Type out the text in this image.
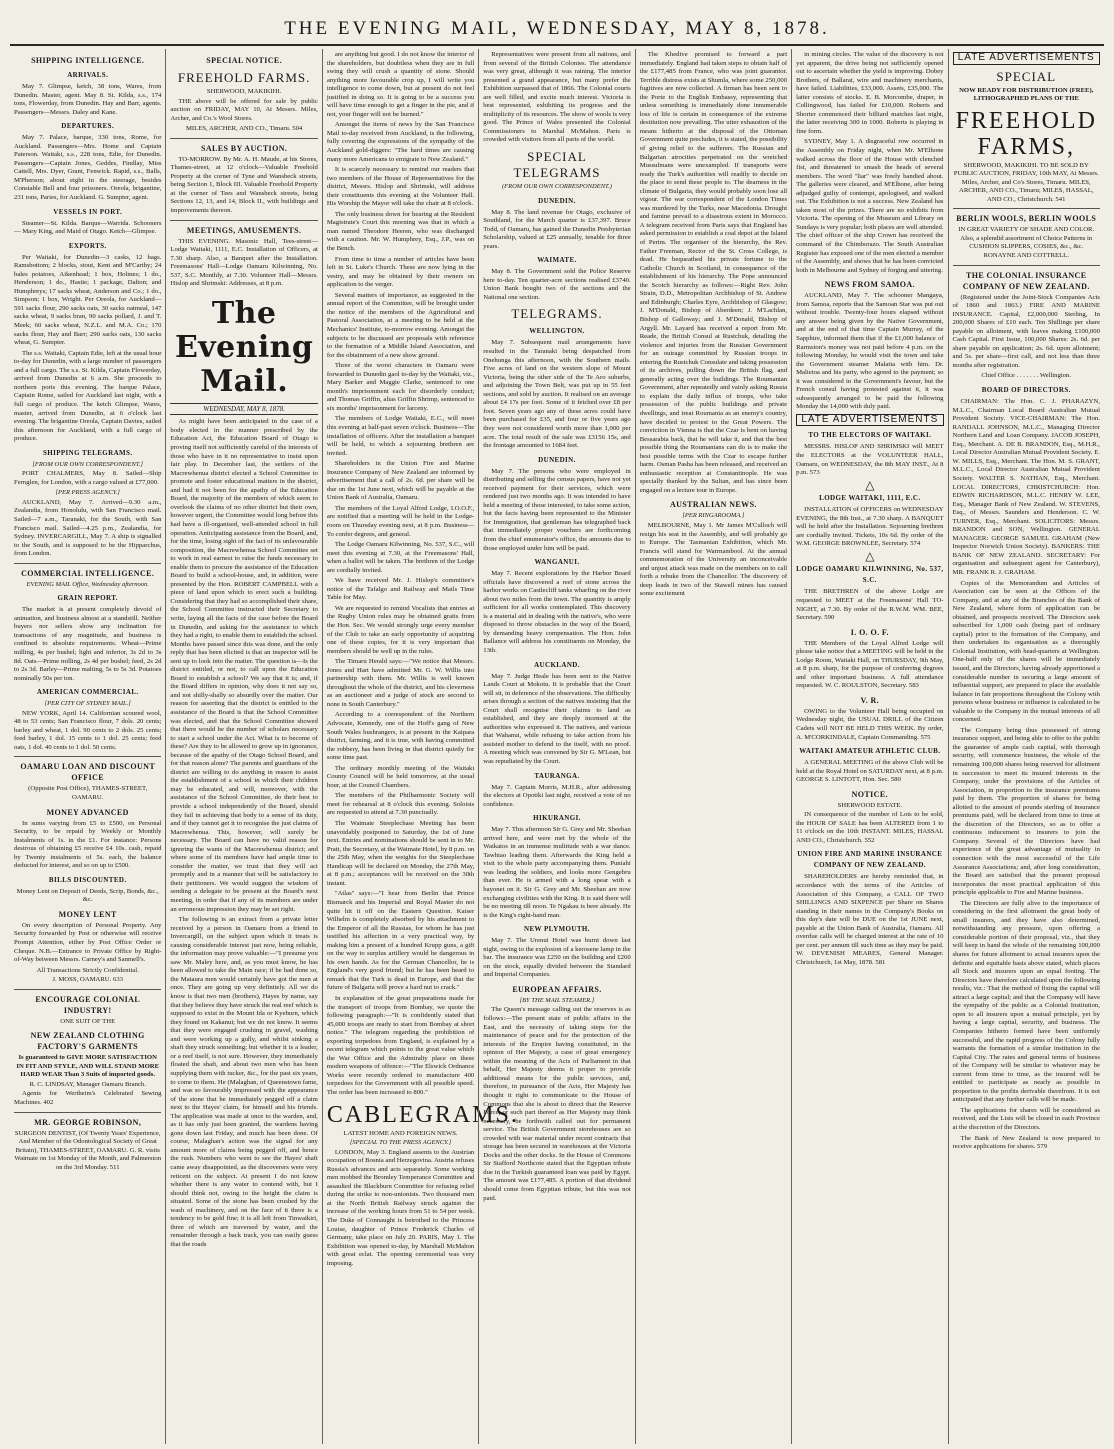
THE EVENING MAIL, WEDNESDAY, MAY 8, 1878.
SHIPPING INTELLIGENCE.
ARRIVALS.

May 7. Glimpse, ketch, 38 tons, Wares, from Dunedin. Master, agent. May 8. St. Kilda, s.s., 174 tons, Flowerday, from Dunedin. Hay and Barr, agents. Passengers—Messrs. Daley and Kane.

DEPARTURES.

May 7. Palace, barque, 330 tons, Rome, for Auckland. Passengers—Mrs. Home and Captain Paterson. Waitaki, s.s., 228 tons, Edie, for Dunedin. Passengers—Captain Jones, Geddes, Findlay, Miss Cattell, Mrs. Dyer, Grant, Fenwick. Rapid, s.s., Balls, M'Pherson; about eight in the steerage, besides Constable Bell and four prisoners. Oreola, brigantine, 231 tons, Paries, for Auckland. G. Sumpter, agent.

VESSELS IN PORT.

Steamer—St. Kilda. Barque—Warrida. Schooners — Mary King, and Maid of Otago. Ketch—Glimpse.

EXPORTS.

Per Waitaki, for Dunedin—3 casks, 12 bags. Ramsbottom; 2 blocks, stout, Kent and M'Carthy; 24 bales potatoes, Aikenhead; 1 box, Holmes; 1 do., Henderson; 1 do., Hastie; 1 package, Dalton; and Humphreys; 17 sacks wheat, Anderson and Co.; 1 do., Simpson; 1 box, Wright. Per Oreola, for Auckland—591 sacks flour, 290 sacks oats, 30 sacks oatmeal, 147 sacks wheat, 9 sacks bran, 90 sacks pollard, J. and T. Meek; 60 sacks wheat, N.Z.L. and M.A. Co.; 170 sacks flour, Hay and Barr; 290 sacks oats, 130 sacks wheat, G. Sumpter.

The s.s. Waitaki, Captain Edie, left at the usual hour to-day for Dunedin, with a large number of passengers and a full cargo. The s.s. St. Kilda, Captain Flowerday, arrived from Dunedin at 6 a.m. She proceeds to northern ports this evening. The barque Palace, Captain Rome, sailed for Auckland last night, with a full cargo of produce. The ketch Glimpse, Wares, master, arrived from Dunedin, at 6 o'clock last evening. The brigantine Oreola, Captain Davies, sailed this afternoon for Auckland, with a full cargo of produce.

SHIPPING TELEGRAMS.
[FROM OUR OWN CORRESPONDENT.]

PORT CHALMERS, May 8. Sailed—Ship Fernglen, for London, with a cargo valued at £77,000.

[PER PRESS AGENCY.]

AUCKLAND, May 7. Arrived—9.30 a.m., Zealandia, from Honolulu, with San Francisco mail. Sailed—7 a.m., Taranaki, for the South, with San Francisco mail. Sailed—4.25 p.m., Zealandia, for Sydney. INVERCARGILL, May 7. A ship is signalled to the South, and is supposed to be the Hipparchus, from London.

COMMERCIAL INTELLIGENCE.
EVENING MAIL Office, Wednesday afternoon.
GRAIN REPORT.

The market is at present completely devoid of animation, and business almost at a standstill. Neither buyers nor sellers show any inclination for transactions of any magnitude, and business is confined to absolute requirements. Wheat—Prime milling, 4s per bushel; light and inferior, 3s 2d to 3s 8d. Oats—Prime milling, 2s 4d per bushel; feed, 2s 2d to 2s 3d. Barley—Prime malting, 5s to 5s 3d. Potatoes nominally 50s per ton.

AMERICAN COMMERCIAL.
[PER CITY OF SYDNEY MAIL.]

NEW YORK, April 14. Californian scoured wool, 48 to 53 cents; San Francisco flour, 7 dols. 20 cents; barley and wheat, 1 dol. 90 cents to 2 dols. 25 cents; feed barley, 1 dol. 15 cents to 1 dol. 25 cents; feed oats, 1 dol. 40 cents to 1 dol. 50 cents.

OAMARU LOAN AND DISCOUNT OFFICE
(Opposite Post Office), THAMES-STREET, OAMARU.
MONEY ADVANCED

In sums varying from £5 to £500, on Personal Security, to be repaid by Weekly or Monthly Instalments of 1s. in the £1. For instance: Persons desirous of obtaining £5 receive £4 10s. cash, repaid by Twenty instalments of 5s. each, the balance deducted for interest, and so on up to £500.

BILLS DISCOUNTED.
Money Lent on Deposit of Deeds, Scrip, Bonds, &c., &c.
MONEY LENT

On every description of Personal Property. Any Security forwarded by Post or otherwise will receive Prompt Attention, either by Post Office Order or Cheque. N.B.—Entrance to Private Office by Right-of-Way between Messrs. Carney's and Sanmell's.

All Transactions Strictly Confidential.
J. MOSS, OAMARU. 633
ENCOURAGE COLONIAL INDUSTRY!
ONE SUIT OF THE
NEW ZEALAND CLOTHING FACTORY'S GARMENTS
Is guaranteed to GIVE MORE SATISFACTION IN FIT AND STYLE, AND WILL STAND MORE HARD WEAR Than 3 Suits of imported goods.
R. C. LINDSAY, Manager Oamaru Branch.

Agents for Wertheim's Celebrated Sewing Machines. 402

MR. GEORGE ROBINSON,
SURGEON DENTIST, (Of Twenty Years' Experience, And Member of the Odontological Society of Great Britain), THAMES-STREET, OAMARU. G. R. visits Waimate on 1st Monday of the Month, and Palmerston on the 3rd Monday. 511
SPECIAL NOTICE.
FREEHOLD FARMS.
SHERWOOD, MAKIKIHI.

THE above will be offered for sale by public auction on FRIDAY, MAY 10, At Messrs. Miles, Archer, and Co.'s Wool Stores.

MILES, ARCHER, AND CO., Timaru. 504
SALES BY AUCTION.

TO-MORROW. By Mr. A. H. Maude, at his Stores, Thames-street, at 12 o'clock—Valuable Freehold Property at the corner of Tyne and Wansbeck streets, being Section 1, Block III. Valuable Freehold Property at the corner of Tees and Wansbeck streets, being Sections 12, 13, and 14, Block II., with buildings and improvements thereon.

MEETINGS, AMUSEMENTS.

THIS EVENING. Masonic Hall, Tees-street—Lodge Waitaki, 1111, E.C. Installation of Officers, at 7.30 sharp. Also, a Banquet after the Installation. Freemasons' Hall—Lodge Oamaru Kilwinning, No. 537, S.C. Monthly, at 7.30. Volunteer Hall—Messrs. Hislop and Shrimski: Addresses, at 8 p.m.

The Evening Mail.
WEDNESDAY, MAY 8, 1878.

As might have been anticipated in the case of a body elected in the manner prescribed by the Education Act, the Education Board of Otago is proving itself not sufficiently careful of the interests of those who have in it no representative to insist upon fair play. In December last, the settlers of the Macrewhenua district elected a School Committee to promote and foster educational matters in the district, and had it not been for the apathy of the Education Board, the majority of the members of which seem to overlook the claims of no other district but their own, however urgent, the Committee would long before this had have a ill-organised, well-attended school in full operation. Anticipating assistance from the Board, and, for the time, losing sight of the fact of its unfavourable composition, the Macrewhenua School Committee set to work in real earnest to raise the funds necessary to enable them to procure the assistance of the Education Board to build a school-house, and, in addition, were presented by the Hon. ROBERT CAMPBELL with a piece of land upon which to erect such a building. Considering that they had so accomplished their share, the School Committee instructed their Secretary to write, laying all the facts of the case before the Board in Dunedin, and asking for the assistance to which they had a right, to enable them to establish the school. Months have passed since this was done, and the only reply that has been elicited is that an inspector will be sent up to look into the matter. The question is—Is the district entitled, or not, to call upon the Education Board to establish a school? We say that it is; and, if the Board differs in opinion, why does it not say so, and not shilly-shally so absurdly over the matter. Our reason for asserting that the district is entitled to the assistance of the Board is that the School Committee was elected, and that the School Committee showed that there would be the number of scholars necessary to start a school under the Act. What is to become of these? Are they to be allowed to grow up in ignorance, because of the apathy of the Otago School Board, and for that reason alone? The parents and guardians of the district are willing to do anything in reason to assist the establishment of a school in which their children may be educated, and will, moreover, with the assistance of the School Committee, do their best to provide a school independently of the Board, should they fail in achieving that body to a sense of its duty, and if they cannot get it to recognise the just claims of Macrewhenua. This, however, will surely be necessary. The Board can have no valid reason for ignoring the wants of the Macrewhenua district; and where some of its members have had ample time to consider the matter, we trust that they will act promptly and in a manner that will be satisfactory to their petitioners. We would suggest the wisdom of sending a delegate to be present at the Board's next meeting, in order that if any of its members are under an erroneous impression they may be set right.

The following is an extract from a private letter received by a person in Oamaru from a friend in Invercargill, on the subject upon which it treats is causing considerable interest just now, being reliable, the information may prove valuable:—"I presume you saw Mr. Maley here, and, as you must know, he has been allowed to take the Main race; if he had done so, the Mataura men would certainly have got the men at once. They are going up very definitely. All we do know is that two men (brothers), Hayes by name, say that they believe they have struck the real reef which is supposed to exist in the Mount Ida or Kyeburn, which they found on Kakanui; but we do not know. It seems that they were engaged crushing in gravel, washing and were working up a gully, and whilst sinking a shaft they struck something; but whether it is a leader, or a reef itself, is not sure. However, they immediately floated the shaft, and about two men who has been supplying them with tucker, &c., for the past six years, to come to them. He (Malaghan, of Queenstown fame, and was so favourably impressed with the appearance of the stone that he immediately pegged off a claim next to the Hayes' claim, for himself and his friends. The application was made at once to the warden, and, as it has only just been granted, the wardens having gone down last Friday, and much has been done. Of course, Malaghan's action was the signal for any amount more of claims being pegged off, and hence the rush. Numbers who went to see the Hayes' shaft came away disappointed, as the discoverers were very reticent on the subject. At present I do not know whether there is any water to contend with, but I should think not, owing to the height the claim is situated. Some of the stone has been crushed by the wash of machinery, and on the face of it there is a tendency to be gold fine; it is all left from Tinwaikiri, three of which are traversed by water, and the remainder through a back track, you can easily guess that the roads

are anything but good. I do not know the interior of the shareholders, but doubtless when they are in full swing they will crush a quantity of stone. Should anything more favourable crop up, I will write you intelligence to come down, but at present do not feel justified in doing so. It is going to be a success you will have time enough to get a finger in the pie, and if not, your finger will not be burned."

Amongst the items of news by the San Francisco Mail to-day received from Auckland, is the following, fully covering the expressions of the sympathy of the Auckland gold-diggers: "The hard times are causing many more Americans to emigrate to New Zealand."

It is scarcely necessary to remind our readers that two members of the House of Representatives for the district, Messrs. Hislop and Shrimski, will address their constituents this evening at the Volunteer Hall. His Worship the Mayor will take the chair at 8 o'clock.

The only business down for hearing at the Resident Magistrate's Court this morning was that in which a man named Theodore Heeren, who was discharged with a caution. Mr. W. Humphrey, Esq., J.P., was on the Bench.

From time to time a number of articles have been left in St. Luke's Church. These are now lying in the vestry, and may be obtained by their owners on application to the verger.

Several matters of importance, as suggested in the annual report of the Committee, will be brought under the notice of the members of the Agricultural and Pastoral Association, at a meeting to be held at the Mechanics' Institute, to-morrow evening. Amongst the subjects to be discussed are proposals with reference to the formation of a Middle Island Association, and for the obtainment of a new show ground.

Three of the worst characters in Oamaru were forwarded to Dunedin gaol to-day by the Waitaki, viz., Mary Barker and Maggie Clarke, sentenced to one month's imprisonment each for disorderly conduct; and Thomas Griffin, alias Griffin Shrimp, sentenced to six months' imprisonment for larceny.

The members of Lodge Waitaki, E.C., will meet this evening at half-past seven o'clock. Business—The installation of officers. After the installation a banquet will be held, to which a sojourning brethren are invited.

Shareholders in the Union Fire and Marine Insurance Company of New Zealand are informed by advertisement that a call of 2s. 6d. per share will be due on the 1st June next, which will be payable at the Union Bank of Australia, Oamaru.

The members of the Loyal Alfred Lodge, I.O.O.F., are notified that a meeting will be held in the Lodge-room on Thursday evening next, at 8 p.m. Business—To confer degrees, and general.

The Lodge Oamaru Kilwinning, No. 537, S.C., will meet this evening at 7.30, at the Freemasons' Hall, when a ballot will be taken. The brethren of the Lodge are cordially invited.

We have received Mr. J. Hislop's committee's notice of the Tafalgo and Railway and Mails Time Table for May.

We are requested to remind Vocalists that entries at the Rugby Union rules may be obtained gratis from the Hon. Sec. We would strongly urge every member of the Club to take an early opportunity of acquiring one of these copies, for it is very important that members should be well up in the rules.

The Timaru Herald says:—"We notice that Messrs. Jones and Hart have admitted Mr. G. W. Willis into partnership with them. Mr. Willis is well known throughout the whole of the district, and his cleverness as an auctioneer and a judge of stock are second to none in South Canterbury."

According to a correspondent of the Northern Advocate, Kennedy, one of the Hoff's gang of New South Wales bushrangers, is at present in the Kaipara district, farming, and it is true, with having committed the robbery, has been living in that district quietly for some time past.

The ordinary monthly meeting of the Waitaki County Council will be held tomorrow, at the usual hour, at the Council Chambers.

The members of the Philharmonic Society will meet for rehearsal at 8 o'clock this evening. Soloists are requested to attend at 7.30 punctually.

The Waimate Steeplechase Meeting has been unavoidably postponed to Saturday, the 1st of June next. Entries and nominations should be sent in to Mr. Pratt, the Secretary, at the Waimate Hotel, by 8 p.m. on the 25th May, when the weights for the Steeplechase Handicap will be declared on Monday, the 27th May, at 8 p.m.; acceptances will be received on the 30th instant.

"Atlas" says:—"I hear from Berlin that Prince Bismarck and his Imperial and Royal Master do not quite hit it off on the Eastern Question. Kaiser Wilhelm is completely absorbed by his attachment to the Emperor of all the Russias, for whom he has just testified his affection in a very practical way, by making him a present of a hundred Krupp guns, a gift on the way to surplus artillery would be dangerous in his own hands. As for the German Chancellor, he is England's very good friend; but he has been heard to remark that the Turk is dead in Europe, and that the future of Bulgaria will prove a hard nut to crack."

In explanation of the great preparations made for the transport of troops from Bombay, we quote the following paragraph:—"It is confidently stated that 45,000 troops are ready to start from Bombay at short notice." The telegram regarding the prohibition of exporting torpedoes from England, is explained by a recent telegram which points to the great value which the War Office and the Admiralty place on these modern weapons of offence:—"The Elswick Ordnance Works were recently ordered to manufacture 400 torpedoes for the Government with all possible speed. The order has been increased to 800."

CABLEGRAMS.
LATEST HOME AND FOREIGN NEWS.
[SPECIAL TO THE PRESS AGENCY.]

LONDON, May 3. England assents to the Austrian occupation of Bosnia and Herzegovina. Austria refuses Russia's advances and acts separately. Some working men mobbed the Bromley Temperance Committee and assaulted the Blackburn Committee for refusing relief during the strike to non-unionists. Two thousand men at the North British Railway struck against the increase of the working hours from 51 to 54 per week. The Duke of Connaught is betrothed to the Princess Louise, daughter of Prince Frederick Charles of Germany, take place on July 20. PARIS, May 1. The Exhibition was opened to-day, by Marshall McMahon with great eclat. The opening ceremonial was very imposing.

Representatives were present from all nations, and from several of the British Colonies. The attendance was very great, although it was raining. The interior presented a grand appearance, but many prefer the Exhibition surpassed that of 1866. The Colonial courts are well filled, and excite much interest. Victoria is best represented, exhibiting its progress and the multiplicity of its resources. The show of wools is very good. The Prince of Wales presented the Colonial Commissioners to Marshal McMahon. Paris is crowded with visitors from all parts of the world.

SPECIAL TELEGRAMS
(FROM OUR OWN CORRESPONDENT.)
DUNEDIN.

May 8. The land revenue for Otago, exclusive of Southland, for the March quarter is £37,397. Bruce Todd, of Oamaru, has gained the Dunedin Presbyterian Scholarship, valued at £25 annually, tenable for three years.

WAIMATE.

May 8. The Government sold the Police Reserve here to-day. Ten quarter-acre sections realised £3740. Union Bank bought two of the sections and the National one section.

TELEGRAMS.
WELLINGTON.

May 7. Subsequent mail arrangements have resulted in the Taranaki being despatched from Onehunga this afternoon, with the Southern mails. Five acres of land on the western slope of Mount Victoria, being the other side of the Te Aro suburbs, and adjoining the Town Belt, was put up in 55 feet sections, and sold by auction. It realised on an average about £4 17s per foot. Some of it fetched over £8 per foot. Seven years ago any of these acres could have been purchased for £35, and four or five years ago they were not considered worth more than 1,000 per acre. The total result of the sale was £3156 15s, and the frontage amounted to 1684 feet.

DUNEDIN.

May 7. The persons who were employed in distributing and selling the census papers, have not yet received payment for their services, which were rendered just two months ago. It was intended to have held a meeting of those interested, to take some action, but the facts having been represented to the Minister for Immigration, that gentleman has telegraphed back that immediately proper vouchers are forthcoming from the chief enumerator's office, the amounts due to those employed under him will be paid.

WANGANUI.

May 7. Recent explorations by the Harbor Board officials have discovered a reef of stone across the harbor works on Castlecliff tanks wharfing on the river about two miles from the town. The quantity is amply sufficient for all works contemplated. This discovery is a material aid in dealing with the native's, who were disposed to throw obstacles in the way of the Board, by demanding heavy compensation. The Hon. John Ballance will address his constituents on Monday, the 13th.

AUCKLAND.

May 7. Judge Heale has been sent to the Native Lands Court at Mokotu. It is probable that the Court will sit, in deference of the observations. The difficulty arises through a section of the natives insisting that the Court shall recognise their claims to land as established, and they are deeply incensed at the authorities who expressed it. The natives, and various that Wahanui, while refusing to take action from his assisted mother to defend to the itself, with no proof. A meeting which was convened by Sir G. M'Lean, but was repudiated by the Court.

TAURANGA.

May 7. Captain Morris, M.H.R., after addressing the electors at Opotiki last night, received a vote of no confidence.

HIKURANGI.

May 7. This afternoon Sir G. Grey and Mr. Sheehan arrived here, and were met by the whole of the Waikatos in an immense multitude with a war dance. Tawhiao leading them. Afterwards the King held a visit to the whole party accompanying them. Puniahi was leading the soldiers, and looks more Gengebru than ever. He is armed with a long spear with a bayonet on it. Sir G. Grey and Mr. Sheehan are now exchanging civilities with the King. It is said there will be no meeting till noon. Te Ngakau is here already. He is the King's right-hand man.

NEW PLYMOUTH.

May 7. The Urenui Hotel was burnt down last night, owing to the explosion of a kerosene lamp in the bar. The insurance was £250 on the building and £260 on the stock, equally divided between the Standard and Imperial Companies.

EUROPEAN AFFAIRS.
[BY THE MAIL STEAMER.]

The Queen's message calling out the reserves is as follows:—The present state of public affairs in the East, and the necessity of taking steps for the maintenance of peace and for the protection of the interests of the Empire having constituted, in the opinion of Her Majesty, a case of great emergency within the meaning of the Acts of Parliament in that behalf, Her Majesty deems it proper to provide additional means for the public services, and, therefore, in pursuance of the Acts, Her Majesty has thought it right to communicate to the House of Commons that she is about to direct that the Reserve Force, or such part thereof as Her Majesty may think necessary, be forthwith called out for permanent service. The British Government storehouses are so crowded with war material under recent contracts that storage has been secured in warehouses at the Victoria Docks and the other docks. In the House of Commons Sir Stafford Northcote stated that the Egyptian tribute due in the Turkish guaranteed loan was paid by Egypt. The amount was £177,485. A portion of that dividend should come from Egyptian tribute, but this was not paid.

The Khedive promised to forward a part immediately. England had taken steps to obtain half of the £177,485 from France, who was joint guarantor. Terrible distress exists at Shumla, where some 250,000 fugitives are now collected. A firman has been sent to the Porte to the English Embassy, representing that unless something is immediately done innumerable loss of life is certain in consequence of the extreme destitution now prevailing. The utter exhaustion of the means hitherto at the disposal of the Ottoman Government quite precludes, it is stated, the possibility of giving relief to the sufferers. The Russian and Bulgarian atrocities perpetrated on the wretched Mussulmans were unexampled. If transports were ready the Turk's authorities will readily to decide on the place to send these people to. The dearness in the climate of Bulgaria, they would probably soon lose all vigour. The war correspondent of the London Times was murdered by the Turks, near Macedonia. Drought and famine prevail to a disastrous extent in Morocco. A telegram received from Paris says that England has asked permission to establish a coal depot at the Island of Perim. The organiser of the hierarchy, the Rev. Father Freeman, Rector of the St. Cross College, is dead. He bequeathed his private fortune to the Catholic Church in Scotland, in consequence of the establishment of his hierarchy. The Pope announced the Scotch hierarchy as follows:—Right Rev. John Strain, D.D., Metropolitan Archbishop of St. Andrew and Edinburgh; Charles Eyre, Archbishop of Glasgow; J. M'Donald, Bishop of Aberdeen; J. M'Lachlan, Bishop of Galloway; and J. M'Donald, Bishop of Argyll. Mr. Layard has received a report from Mr. Reade, the British Consul at Rustchuk, detailing the violence and injuries from the Russian Government for an outrage committed by Russian troops in entering the Rustchuk Consulate and taking possession of its archives, pulling down the British flag, and generally acting over the buildings. The Roumanian Government, after repeatedly and vainly asking Russia to explain the daily influx of troops, who take possession of the public buildings and private dwellings, and treat Roumania as an enemy's country, have decided to protest to the Great Powers. The conviction in Vienna is that the Czar is bent on having Bessarabia back, that he will take it, and that the best possible thing the Roumanians can do is to make the best possible terms with the Czar to escape further harm. Osman Pasha has been released, and received an enthusiastic reception at Constantinople. He was specially thanked by the Sultan, and has since been engaged on a lecture tour in Europe.

AUSTRALIAN NEWS.
[PER RINGAROOMA.]

MELBOURNE, May 1. Mr James M'Culloch will resign his seat in the Assembly, and will probably go to Europe. The Tasmanian Exhibition, which Mr. Francis will stand for Warrnambool. At the annual commemoration of the University an inconceivable and unjust attack was made on the members on to call forth a rebuke from the Chancellor. The discovery of deep leads in two of the Stawell mines has caused some excitement

in mining circles. The value of the discovery is not yet apparent, the drive being not sufficiently opened out to ascertain whether the yield is improving. Dobey Brothers, of Ballarat, wire and machinery merchants, have failed. Liabilities, £33,000. Assets, £35,000. The latter consists of stocks. E. B. Morcombe, draper, in Collingwood, has failed for £10,000. Roberts and Shorter commenced their billiard matches last night, the latter receiving 300 in 1000. Roberts is playing in fine form.

SYDNEY, May 1. A disgraceful row occurred in the Assembly on Friday night, when Mr. M'Elhone walked across the floor of the House with clenched fist, and threatened to smash the heads of several members. The word "liar" was freely bandied about. The galleries were cleared, and M'Elhone, after being adjudged guilty of contempt, apologised, and walked out. The Exhibition is not a success. New Zealand has taken most of the prizes. There are no exhibits from Victoria. The opening of the Museum and Library on Sundays is very popular; both places are well attended. The chief officer of the ship Crown has received the command of the Chimborazo. The South Australian Register has exposed one of the men elected a member of the Assembly, and shows that he has been convicted both in Melbourne and Sydney of forging and uttering.

NEWS FROM SAMOA.

AUCKLAND, May 7. The schooner Mangaya, from Samoa, reports that the Samoan Star was put out without trouble. Twenty-four hours elapsed without any answer being given by the Native Government, and at the end of that time Captain Murray, of the Sapphire, informed them that if the £1,000 balance of Rarmston's money was not paid before 4 p.m. on the following Monday, he would visit the town and take the Government steamer Malatia with him. Dr. Malietoa and his party, who agreed to the payment; so it was considered in the Government's favour, but the French consul having protested against it, it was subsequently arranged to be paid the following Monday the 14,000 with duly paid.

LATE ADVERTISEMENTS
TO THE ELECTORS OF WAITAKI.

MESSRS. HISLOP AND SHRIMSKI will MEET the ELECTORS at the VOLUNTEER HALL, Oamaru, on WEDNESDAY, the 8th MAY INST., At 8 p.m. 573

△
LODGE WAITAKI, 1111, E.C.

INSTALLATION of OFFICERS on WEDNESDAY EVENING, the 8th Inst., at 7.30 sharp. A BANQUET will be held after the Installation. Sojourning brethren are cordially invited. Tickets, 10s 6d. By order of the W.M. GEORGE BROWNLEE, Secretary. 574

△
LODGE OAMARU KILWINNING, No. 537, S.C.

THE BRETHREN of the above Lodge are requested to MEET at the Freemasons' Hall TO-NIGHT, at 7.30. By order of the R.W.M. WM. BEE, Secretary. 590

I. O. O. F.

THE Members of the Loyal Alfred Lodge will please take notice that a MEETING will be held in the Lodge Room, Waitaki Hall, on THURSDAY, 9th May, at 8 p.m. sharp, for the purpose of conferring degrees and other important business. A full attendance requested. W. C. ROULSTON, Secretary. 583

V. R.

OWING to the Volunteer Hall being occupied on Wednesday night, the USUAL DRILL of the Citizen Cadets will NOT BE HELD THIS WEEK. By order, A. M'CORKINDALE, Captain Commanding. 575

WAITAKI AMATEUR ATHLETIC CLUB.

A GENERAL MEETING of the above Club will be held at the Royal Hotel on SATURDAY next, at 8 p.m. GEORGE S. LINTOTT, Hon. Sec. 580

NOTICE.
SHERWOOD ESTATE.

IN consequence of the number of Lots to be sold, the HOUR OF SALE has been ALTERED from 1 to 11 o'clock on the 10th INSTANT. MILES, HASSAL AND CO., Christchurch. 552

UNION FIRE AND MARINE INSURANCE COMPANY OF NEW ZEALAND.

SHAREHOLDERS are hereby reminded that, in accordance with the terms of the Articles of Association of this Company, a CALL OF TWO SHILLINGS AND SIXPENCE per Share on Shares standing in their names in the Company's Books on this day's date will be DUE on the 1st JUNE next, payable at the Union Bank of Australia, Oamaru. All overdue calls will be charged interest at the rate of 10 per cent. per annum till such time as they may be paid. W. DEVENISH MEARES, General Manager. Christchurch, 1st May, 1878. 581

LATE ADVERTISEMENTS
SPECIAL
NOW READY FOR DISTRIBUTION (FREE), LITHOGRAPHED PLANS OF THE
FREEHOLD FARMS,
SHERWOOD, MAKIKIHI. TO BE SOLD BY PUBLIC AUCTION, FRIDAY, 10th MAY, At Messrs. Miles, Archer, and Co's Stores, Timaru. MILES, ARCHER, AND CO., Timaru; MILES, HASSAL, AND CO., Christchurch. 541
BERLIN WOOLS, BERLIN WOOLS
IN GREAT VARIETY OF SHADE AND COLOR. Also, a splendid assortment of Choice Patterns in CUSHION SLIPPERS, COSIES, &c., &c. RONAYNE AND COTTRELL.
THE COLONIAL INSURANCE COMPANY OF NEW ZEALAND.

(Registered under the Joint-Stock Companies Acts of 1860 and 1863.) FIRE AND MARINE INSURANCE. Capital, £2,000,000 Sterling, In 200,000 Shares of £10 each. Ten Shillings per share payable on allotment, with leaves making £100,000 Cash Capital. First Issue, 100,000 Shares: 2s. 6d. per share payable on application; 2s. 6d. upon allotment; and 5s. per share—first call, and not less than three months after registration.

Chief Office . . . . . . . Wellington.
BOARD OF DIRECTORS.

CHAIRMAN: The Hon. C. J. PHARAZYN, M.L.C., Chairman Local Board Australian Mutual Provident Society. VICE-CHAIRMAN: The Hon. RANDALL JOHNSON, M.L.C., Managing Director Northern Land and Loan Company. JACOB JOSEPH, Esq., Merchant. A. DE B. BRANDON, Esq., M.H.R., Local Director Australian Mutual Provident Society. E. W. MILLS, Esq., Merchant. The Hon. M. S. GRANT, M.L.C., Local Director Australian Mutual Provident Society. WALTER S. NATHAN, Esq., Merchant. LOCAL DIRECTORS, CHRISTCHURCH: Hon. EDWIN RICHARDSON, M.L.C. HENRY W. LEE, Esq., Manager Bank of New Zealand. W. STEVENS, Esq., of Messrs. Saunders and Henderson. C. W. TURNER, Esq., Merchant. SOLICITORS: Messrs. BRANDON and SON, Wellington. GENERAL MANAGER: GEORGE SAMUEL GRAHAM (New Inspector Norwich Union Society). BANKERS: THE BANK OF NEW ZEALAND. SECRETARY: For organisation and subsequent agent for Canterbury), MR. FRANK R. J. GRAHAM.

Copies of the Memorandum and Articles of Association can be seen at the Offices of the Company, and at any of the Branches of the Bank of New Zealand, where form of application can be obtained, and prospects received. The Directors seek subscribed for 1,000 cash (being part of ordinary capital) prior to the formation of the Company, and then undertaken its organisation as a thoroughly Colonial Institution, with head-quarters at Wellington. One-half only of the shares will be immediately issued, and the Directors, having already apportioned a considerable number in securing a large amount of influential support, are prepared to place the available balance in fair proportions throughout the Colony with persons whose business or influence is calculated to be valuable to the Company in the mutual interests of all concerned.

The Company being thus possessed of strong insurance support, and being able to offer to the public the guarantee of ample cash capital, with thorough security, will commence business, the whole of the remaining 100,000 shares being reserved for allotment in succession to meet its insured interests in the Company, under the provisions of the Articles of Association, in proportion to the insurance premiums paid by them. The proportion of shares for being allotted to the amount of pounds sterling of insurance premiums paid, will be declared from time to time at the discretion of the Directors, so as to offer a continuous inducement to insurers to join the Company. Several of the Directors have had experience of the great advantage of mutuality in connection with the most successful of the Life Assurance Associations; and, after long consideration, the Board are satisfied that the present proposal incorporates the most practical application of this principle applicable to Fire and Marine business.

The Directors are fully alive to the importance of considering in the first allotment the great body of small insurers, and they have also determined, notwithstanding any pressure, upon offering a considerable portion of their proposal, viz., that they will keep in hand the whole of the remaining 100,000 shares for future allotment to actual insurers upon the definite and equitable basis above stated, which places all Stock and insurers upon an equal footing. The Directors have therefore calculated upon the following results, viz.: That the method of fixing the capital will attract a large capital; and that the Company will have the sympathy of the public as a Colonial Institution, open to all insurers upon a mutual principle, yet by having a large capital, security, and business. The Companies hitherto formed have been uniformly successful, and the rapid progress of the Colony fully warrants the formation of a similar institution in the Capital City. The rates and general terms of business of the Company will be similar to whatever may be current from time to time, as the insured will be entitled to participate as nearly as possible in proportion to the profits derivable therefrom. It is not anticipated that any further calls will be made.

The applications for shares will be considered as received, and the Lists will be closed in each Province at the discretion of the Directors.

The Bank of New Zealand is now prepared to receive applications for shares. 579
